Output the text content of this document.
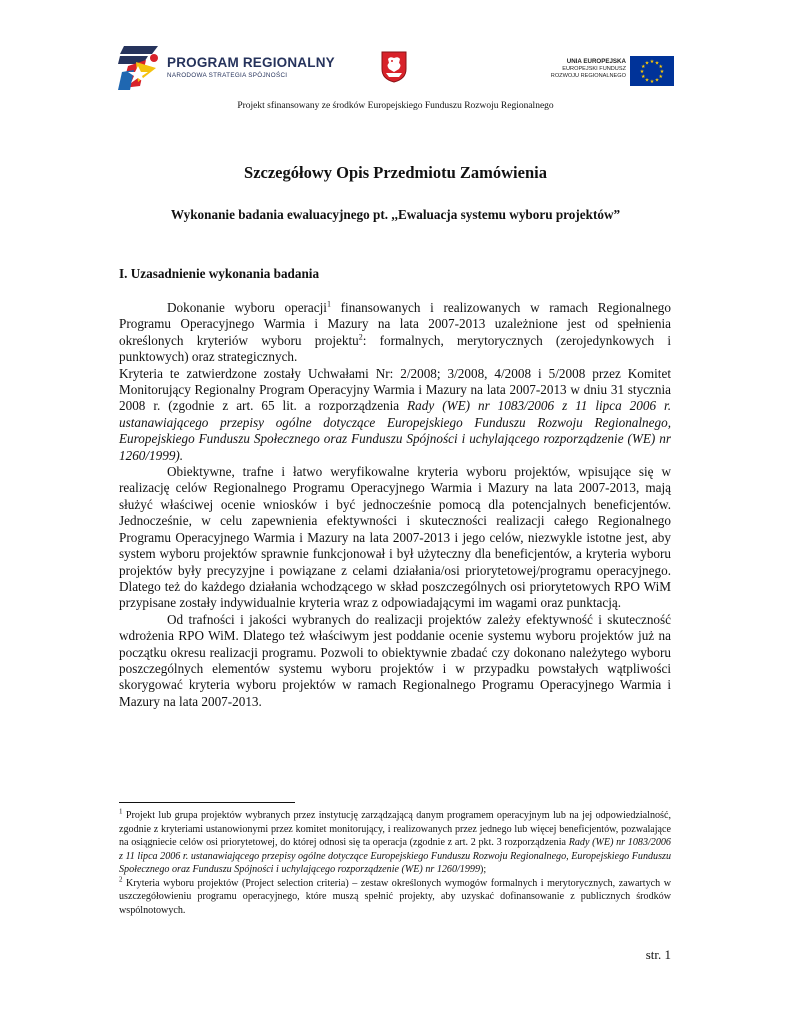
PROGRAM REGIONALNY
NARODOWA STRATEGIA SPÓJNOŚCI
UNIA EUROPEJSKA
EUROPEJSKI FUNDUSZ
ROZWOJU REGIONALNEGO
★ ★
★
★
★
★
★
★
★
★
★
★
Projekt sfinansowany ze środków Europejskiego Funduszu Rozwoju Regionalnego
Szczegółowy Opis Przedmiotu Zamówienia
Wykonanie badania ewaluacyjnego pt. ,,Ewaluacja systemu wyboru projektów”
I. Uzasadnienie wykonania badania

Dokonanie wyboru operacji$^1$ finansowanych i realizowanych w ramach Regionalnego Programu Operacyjnego Warmia i Mazury na lata 2007-2013 uzależnione jest od spełnienia określonych kryteriów wyboru projektu$^2$: formalnych, merytorycznych (zerojedynkowych i punktowych) oraz strategicznych.

Kryteria te zatwierdzone zostały Uchwałami Nr: 2/2008; 3/2008, 4/2008 i 5/2008 przez Komitet Monitorujący Regionalny Program Operacyjny Warmia i Mazury na lata 2007-2013 w dniu 31 stycznia 2008 r. (zgodnie z art. 65 lit. a rozporządzenia Rady (WE) nr 1083/2006 z 11 lipca 2006 r. ustanawiającego przepisy ogólne dotyczące Europejskiego Funduszu Rozwoju Regionalnego, Europejskiego Funduszu Społecznego oraz Funduszu Spójności i uchylającego rozporządzenie (WE) nr 1260/1999).

Obiektywne, trafne i łatwo weryfikowalne kryteria wyboru projektów, wpisujące się w realizację celów Regionalnego Programu Operacyjnego Warmia i Mazury na lata 2007-2013, mają służyć właściwej ocenie wniosków i być jednocześnie pomocą dla potencjalnych beneficjentów. Jednocześnie, w celu zapewnienia efektywności i skuteczności realizacji całego Regionalnego Programu Operacyjnego Warmia i Mazury na lata 2007-2013 i jego celów, niezwykle istotne jest, aby system wyboru projektów sprawnie funkcjonował i był użyteczny dla beneficjentów, a kryteria wyboru projektów były precyzyjne i powiązane z celami działania/osi priorytetowej/programu operacyjnego. Dlatego też do każdego działania wchodzącego w skład poszczególnych osi priorytetowych RPO WiM przypisane zostały indywidualnie kryteria wraz z odpowiadającymi im wagami oraz punktacją.

Od trafności i jakości wybranych do realizacji projektów zależy efektywność i skuteczność wdrożenia RPO WiM. Dlatego też właściwym jest poddanie ocenie systemu wyboru projektów już na początku okresu realizacji programu. Pozwoli to obiektywnie zbadać czy dokonano należytego wyboru poszczególnych elementów systemu wyboru projektów i w przypadku powstałych wątpliwości skorygować kryteria wyboru projektów w ramach Regionalnego Programu Operacyjnego Warmia i Mazury na lata 2007-2013.

$^1$ Projekt lub grupa projektów wybranych przez instytucję zarządzającą danym programem operacyjnym lub na jej odpowiedzialność, zgodnie z kryteriami ustanowionymi przez komitet monitorujący, i realizowanych przez jednego lub więcej beneficjentów, pozwalające na osiągniecie celów osi priorytetowej, do której odnosi się ta operacja (zgodnie z art. 2 pkt. 3 rozporządzenia Rady (WE) nr 1083/2006 z 11 lipca 2006 r. ustanawiającego przepisy ogólne dotyczące Europejskiego Funduszu Rozwoju Regionalnego, Europejskiego Funduszu Społecznego oraz Funduszu Spójności i uchylającego rozporządzenie (WE) nr 1260/1999);

$^2$ Kryteria wyboru projektów (Project selection criteria) – zestaw określonych wymogów formalnych i merytorycznych, zawartych w uszczegółowieniu programu operacyjnego, które muszą spełnić projekty, aby uzyskać dofinansowanie z publicznych środków wspólnotowych.

str. 1
